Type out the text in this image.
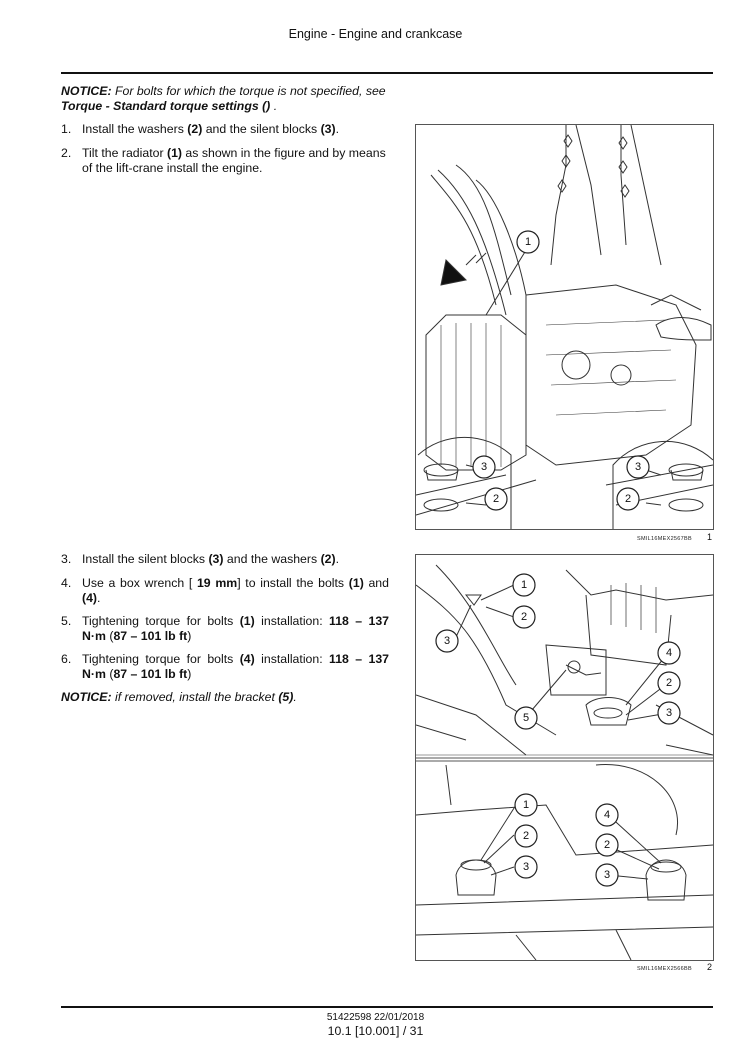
Engine - Engine and crankcase
NOTICE: For bolts for which the torque is not specified, see Torque - Standard torque settings () .
1. Install the washers (2) and the silent blocks (3).
2. Tilt the radiator (1) as shown in the figure and by means of the lift-crane install the engine.
1
3
2
3
2
SMIL16MEX2567BB 1
3. Install the silent blocks (3) and the washers (2).
4. Use a box wrench [ 19 mm] to install the bolts (1) and (4).
5. Tightening torque for bolts (1) installation: 118 – 137 N·m (87 – 101 lb ft)
6. Tightening torque for bolts (4) installation: 118 – 137 N·m (87 – 101 lb ft)
NOTICE: if removed, install the bracket (5).
1
2
3
4
2
3
5
1
2
3
4
2
3
SMIL16MEX2566BB 2
51422598 22/01/2018
10.1 [10.001] / 31
